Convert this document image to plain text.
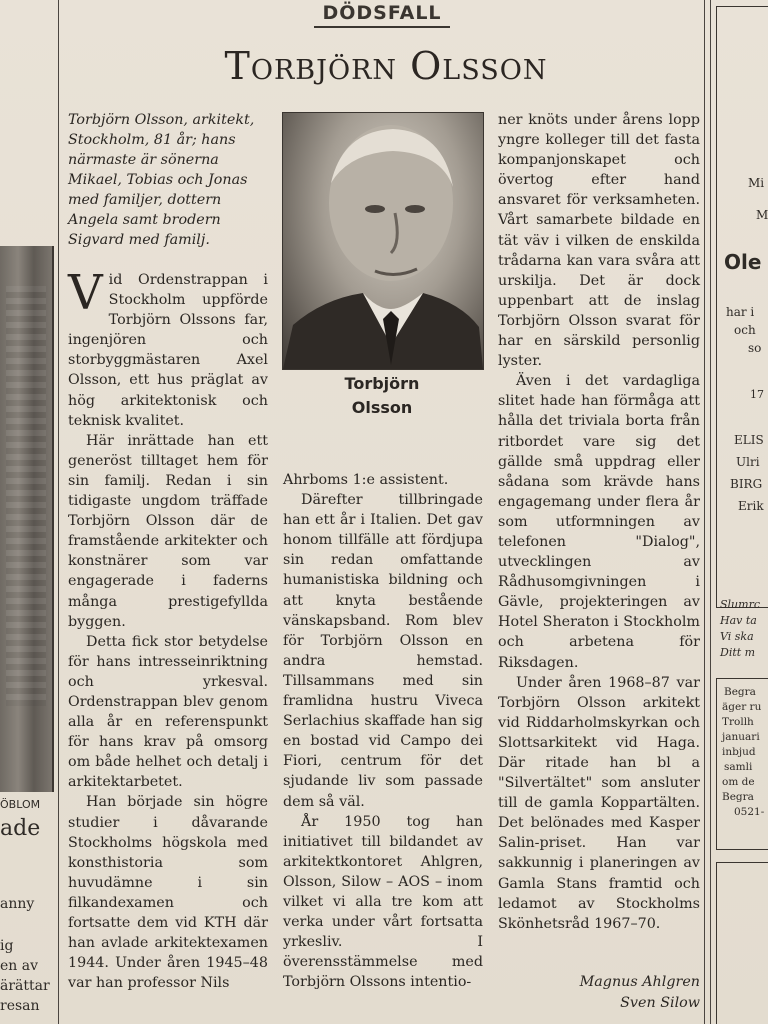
ÖBLOM
ade
anny
ig
en av
ärättar
resan
DÖDSFALL
Torbjörn Olsson
Torbjörn Olsson, arkitekt, Stockholm, 81 år; hans närmaste är sönerna Mikael, Tobias och Jonas med familjer, dottern Angela samt brodern Sigvard med familj.

Vid Ordenstrappan i Stockholm uppförde Torbjörn Olssons far, ingenjören och storbyggmästaren Axel Olsson, ett hus präglat av hög arkitektonisk och teknisk kvalitet.

Här inrättade han ett generöst tilltaget hem för sin familj. Redan i sin tidigaste ungdom träffade Torbjörn Olsson där de framstående arkitekter och konstnärer som var engagerade i faderns många prestigefyllda byggen.

Detta fick stor betydelse för hans intresseinriktning och yrkesval. Ordenstrappan blev genom alla år en referenspunkt för hans krav på omsorg om både helhet och detalj i arkitektarbetet.

Han började sin högre studier i dåvarande Stockholms högskola med konsthistoria som huvudämne i sin filkandexamen och fortsatte dem vid KTH där han avlade arkitektexamen 1944. Under åren 1945–48 var han professor Nils

Torbjörn
Olsson

Ahrboms 1:e assistent.

Därefter tillbringade han ett år i Italien. Det gav honom tillfälle att fördjupa sin redan omfattande humanistiska bildning och att knyta bestående vänskapsband. Rom blev för Torbjörn Olsson en andra hemstad. Tillsammans med sin framlidna hustru Viveca Serlachius skaffade han sig en bostad vid Campo dei Fiori, centrum för det sjudande liv som passade dem så väl.

År 1950 tog han initiativet till bildandet av arkitektkontoret Ahlgren, Olsson, Silow – AOS – inom vilket vi alla tre kom att verka under vårt fortsatta yrkesliv. I överensstämmelse med Torbjörn Olssons intentio-

ner knöts under årens lopp yngre kolleger till det fasta kompanjonskapet och övertog efter hand ansvaret för verksamheten. Vårt samarbete bildade en tät väv i vilken de enskilda trådarna kan vara svåra att urskilja. Det är dock uppenbart att de inslag Torbjörn Olsson svarat för har en särskild personlig lyster.

Även i det vardagliga slitet hade han förmåga att hålla det triviala borta från ritbordet vare sig det gällde små uppdrag eller sådana som krävde hans engagemang under flera år som utformningen av telefonen "Dialog", utvecklingen av Rådhusomgivningen i Gävle, projekteringen av Hotel Sheraton i Stockholm och arbetena för Riksdagen.

Under åren 1968–87 var Torbjörn Olsson arkitekt vid Riddarholmskyrkan och Slottsarkitekt vid Haga. Där ritade han bl a "Silvertältet" som ansluter till de gamla Koppartälten. Det belönades med Kasper Salin-priset. Han var sakkunnig i planeringen av Gamla Stans framtid och ledamot av Stockholms Skönhetsråd 1967–70.

Magnus Ahlgren
Sven Silow
Mi
M
Ole
har i
och
so
17
ELIS
Ulri
BIRG
Erik
Slumrc
Hav ta
Vi ska
Ditt m
Begra
äger ru
Trollh
januari
inbjud
samli
om de
Begra
0521-
